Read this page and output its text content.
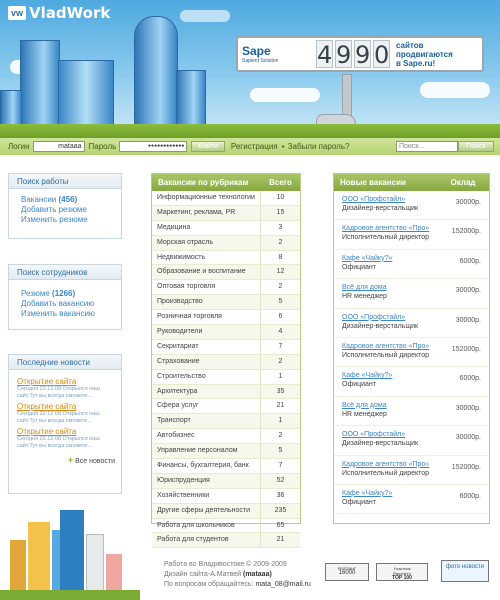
vw VladWork
Sape
Sapient Solution	4 9 9 0 сайтов
продвигаются
в Sape.ru!
Логин	mataaa Пароль	●●●●●●●●●●●●	Войти	Регистрация ● Забыли пароль?	Поиск...	Поиск
Поиск работы
Вакансии (456)
Добавить резюме
Изменить резюме
Поиск сотрудников
Резюме (1266)
Добавить вакансию
Изменить вакансию
Последние новости
Открытие сайта
Сегодня 22.12.08 Открылся наш сайт.Тут вы всегда сможете...
Открытие сайта
Сегодня 22.12.08 Открылся наш сайт.Тут вы всегда сможете...
Открытие сайта
Сегодня 22.12.08 Открылся наш сайт.Тут вы всегда сможете...
+ Все новости
Вакансии по рубрикам	Всего
Информационные технологии	10
Маркетинг, реклама, PR	15
Медицина	3
Морская отрасль	2
Недвижимость	8
Образование и воспитание	12
Оптовая торговля	2
Производство	5
Розничная торговля	6
Руководители	4
Секритариат	7
Страхование	2
Строительство	1
Архитектура	35
Сфера услуг	21
Транспорт	1
Автобизнес	2
Управление персоналом	5
Финансы, бухгалтерия, банк	7
Юриспруденция	52
Хозяйственники	36
Другие сферы деятельности	235
Работа для школьников	65
Работа для студентов	21
Новые вакансии	Оклад
ООО «Профстайл»
Дизайнер-верстальщик
30000р.
Кадровое агентство «Про»
Исполнительный директор
152000р.
Кафе «Чайку?»
Официант
6000р.
Всё для дома
HR менеджер
30000р.
ООО «Профстайл»
Дизайнер-верстальщик
30000р.
Кадровое агентство «Про»
Исполнительный директор
152000р.
Кафе «Чайку?»
Официант
6000р.
Всё для дома
HR менеджер
30000р.
ООО «Профстайл»
Дизайнер-верстальщик
30000р.
Кадровое агентство «Про»
Исполнительный директор
152000р.
Кафе «Чайку?»
Официант
6000р.
Работа во Владивостоке © 2009-2009
Дизайн сайта-А.Матвей (mataaa)
По вопросам обращайтесь: mata_08@mail.ru
РЕЙТИНГ
16000
Участник
Rambler's
TOP 100
фото новости
